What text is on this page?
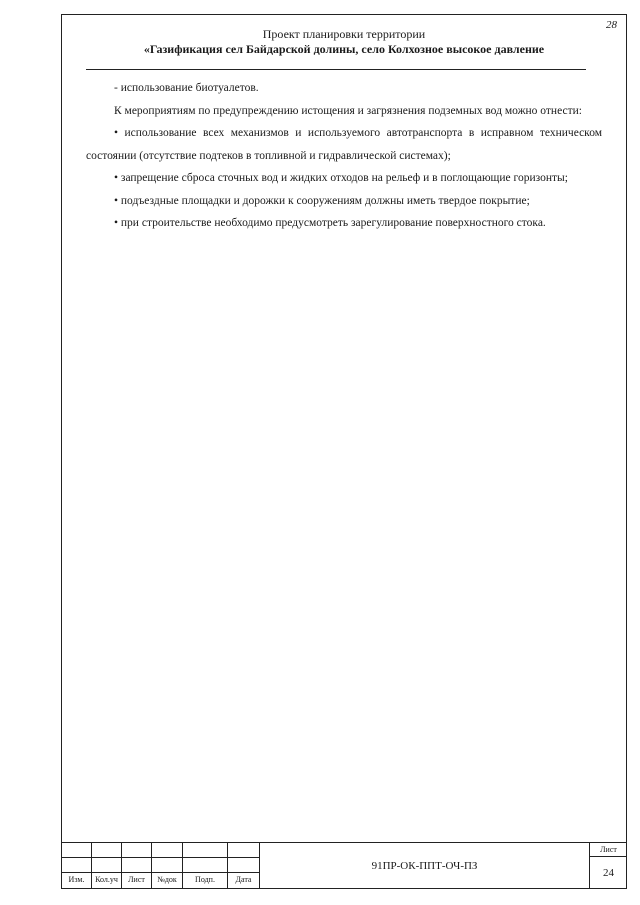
28
Проект планировки территории
«Газификация сел Байдарской долины, село Колхозное высокое давление

- использование биотуалетов.

К мероприятиям по предупреждению истощения и загрязнения подземных вод можно отнести:

• использование всех механизмов и используемого автотранспорта в исправном техническом состоянии (отсутствие подтеков в топливной и гидравлической системах);

• запрещение сброса сточных вод и жидких отходов на рельеф и в поглощающие горизонты;

• подъездные площадки и дорожки к сооружениям должны иметь твердое покрытие;

• при строительстве необходимо предусмотреть зарегулирование поверхностного стока.

Изм.	Кол.уч	Лист	№док	Подп.	Дата
91ПР-ОК-ППТ-ОЧ-ПЗ
Лист
24
